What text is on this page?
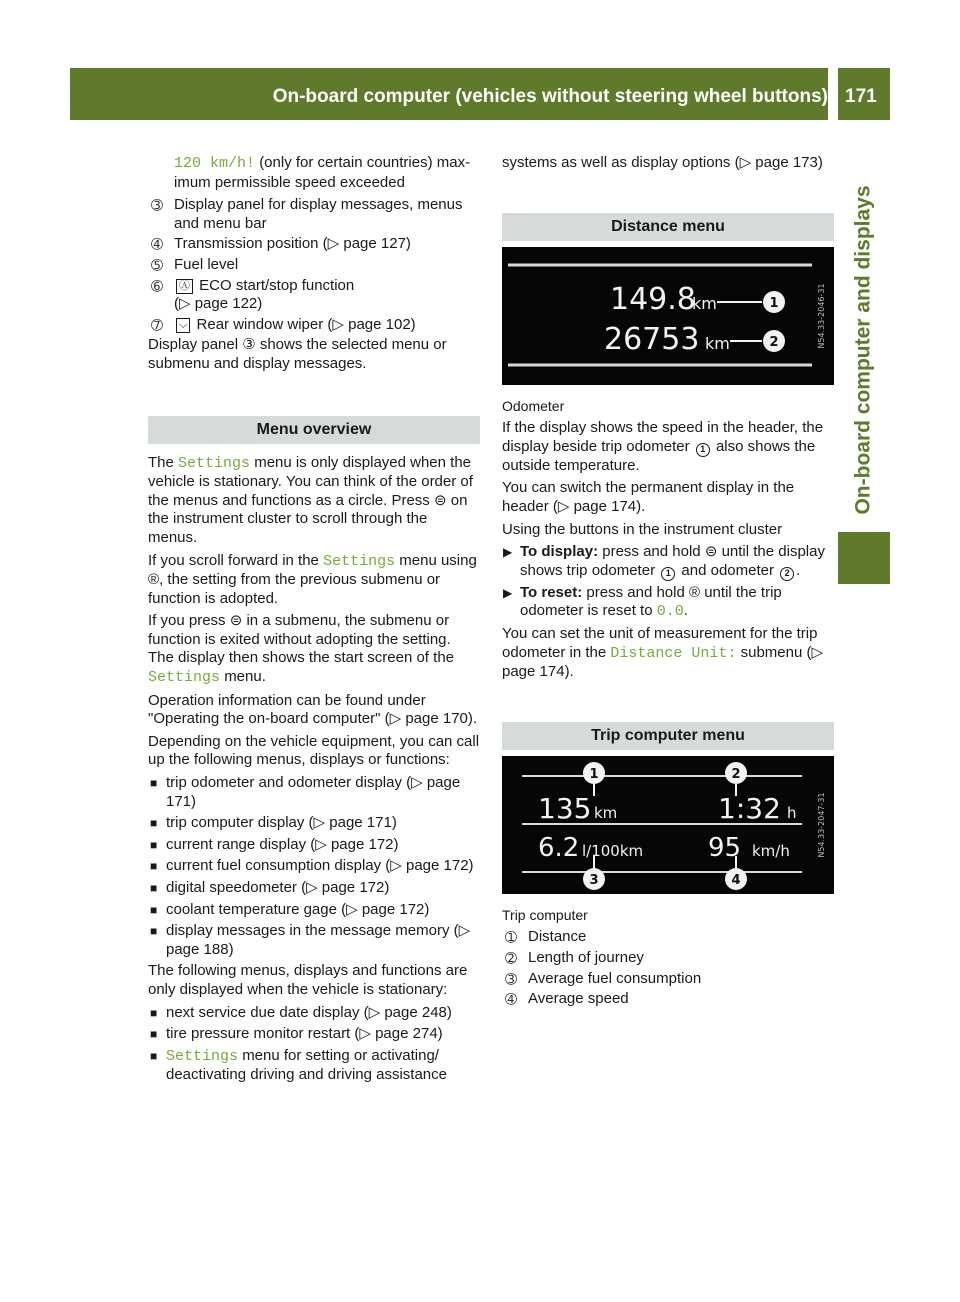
On-board computer (vehicles without steering wheel buttons) 171
On-board computer and displays

120 km/h! (only for certain countries) max-
imum permissible speed exceeded

➂ Display panel for display messages, menus
and menu bar
➃ Transmission position (▷ page 127)
➄ Fuel level
➅ Ⓐ ECO start/stop function
(▷ page 122)
➆ ⌵ Rear window wiper (▷ page 102)

Display panel ③ shows the selected menu or submenu and display messages.

Menu overview

The Settings menu is only displayed when the vehicle is stationary. You can think of the order of the menus and functions as a circle. Press ⊜ on the instrument cluster to scroll through the menus.

If you scroll forward in the Settings menu using ®, the setting from the previous submenu or function is adopted.

If you press ⊜ in a submenu, the submenu or function is exited without adopting the setting. The display then shows the start screen of the Settings menu.

Operation information can be found under "Operating the on-board computer" (▷ page 170).

Depending on the vehicle equipment, you can call up the following menus, displays or functions:

■ trip odometer and odometer display (▷ page 171)
■ trip computer display (▷ page 171)
■ current range display (▷ page 172)
■ current fuel consumption display (▷ page 172)
■ digital speedometer (▷ page 172)
■ coolant temperature gage (▷ page 172)
■ display messages in the message memory (▷ page 188)

The following menus, displays and functions are only displayed when the vehicle is stationary:

■ next service due date display (▷ page 248)
■ tire pressure monitor restart (▷ page 274)
■ Settings menu for setting or activating/ deactivating driving and driving assistance

systems as well as display options (▷ page 173)

Distance menu
149.8
km	1
26753 km	2	N54.33-2046-31

Odometer

If the display shows the speed in the header, the display beside trip odometer 1 also shows the outside temperature.

You can switch the permanent display in the header (▷ page 174).

Using the buttons in the instrument cluster

▶ To display: press and hold ⊜ until the display shows trip odometer 1 and odometer 2 .
▶ To reset: press and hold ® until the trip odometer is reset to 0.0.

You can set the unit of measurement for the trip odometer in the Distance Unit: submenu (▷ page 174).

Trip computer menu
1	2
3	4
135 km	1:32 h
6.2 l/100km 95 km/h	N54.33-2047-31

Trip computer

➀ Distance
➁ Length of journey
➂ Average fuel consumption
➃ Average speed
